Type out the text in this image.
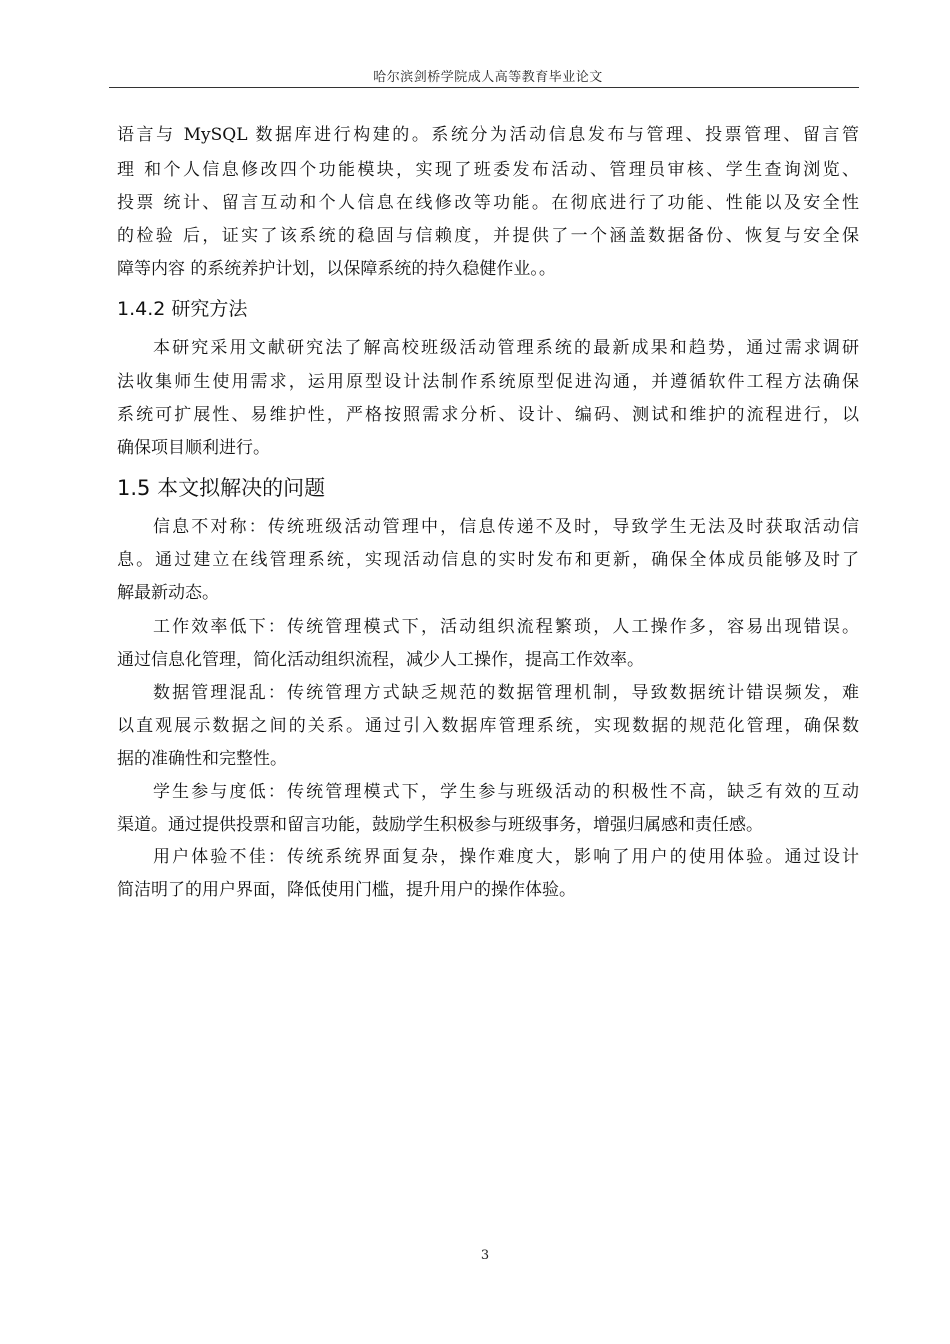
哈尔滨剑桥学院成人高等教育毕业论文
语言与 MySQL 数据库进行构建的。系统分为活动信息发布与管理、投票管理、留言管
理 和个人信息修改四个功能模块，实现了班委发布活动、管理员审核、学生查询浏览、
投票 统计、留言互动和个人信息在线修改等功能。在彻底进行了功能、性能以及安全性
的检验 后，证实了该系统的稳固与信赖度，并提供了一个涵盖数据备份、恢复与安全保
障等内容 的系统养护计划，以保障系统的持久稳健作业。。
1.4.2 研究方法
本研究采用文献研究法了解高校班级活动管理系统的最新成果和趋势，通过需求调研
法收集师生使用需求，运用原型设计法制作系统原型促进沟通，并遵循软件工程方法确保
系统可扩展性、易维护性，严格按照需求分析、设计、编码、测试和维护的流程进行，以
确保项目顺利进行。
1.5 本文拟解决的问题
信息不对称：传统班级活动管理中，信息传递不及时，导致学生无法及时获取活动信
息。通过建立在线管理系统，实现活动信息的实时发布和更新，确保全体成员能够及时了
解最新动态。
工作效率低下：传统管理模式下，活动组织流程繁琐，人工操作多，容易出现错误。
通过信息化管理，简化活动组织流程，减少人工操作，提高工作效率。
数据管理混乱：传统管理方式缺乏规范的数据管理机制，导致数据统计错误频发，难
以直观展示数据之间的关系。通过引入数据库管理系统，实现数据的规范化管理，确保数
据的准确性和完整性。
学生参与度低：传统管理模式下，学生参与班级活动的积极性不高，缺乏有效的互动
渠道。通过提供投票和留言功能，鼓励学生积极参与班级事务，增强归属感和责任感。
用户体验不佳：传统系统界面复杂，操作难度大，影响了用户的使用体验。通过设计
简洁明了的用户界面，降低使用门槛，提升用户的操作体验。
3
